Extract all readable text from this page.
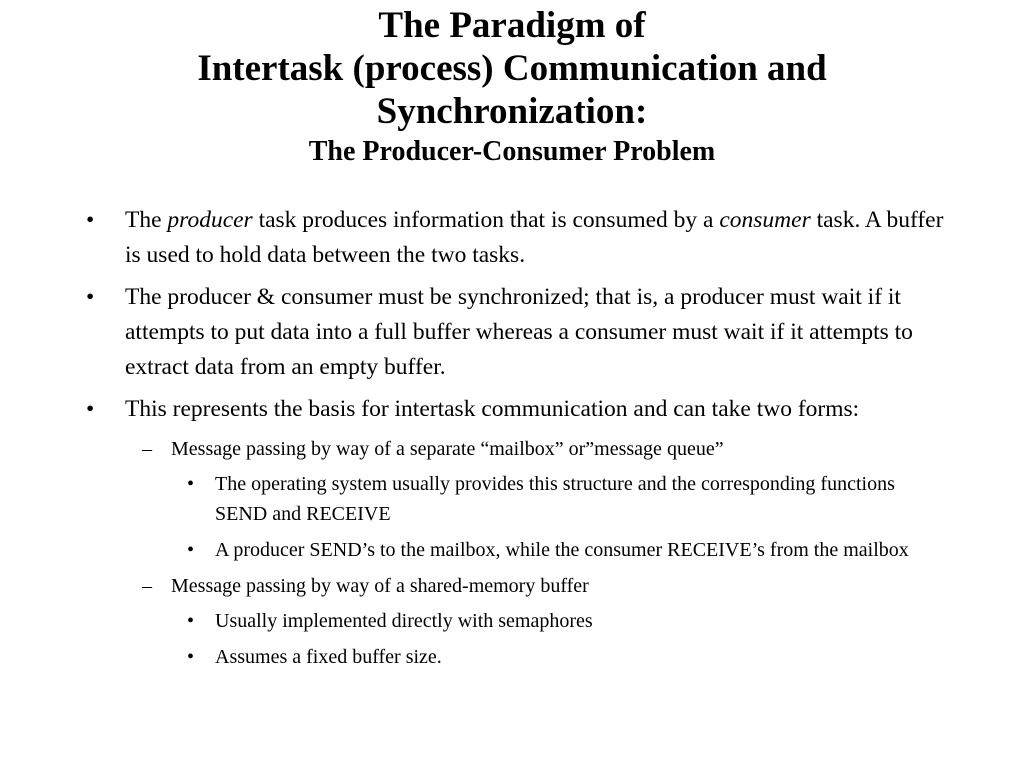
The Paradigm of
Intertask (process) Communication and
Synchronization:
The Producer-Consumer Problem
• The producer task produces information that is consumed by a consumer task. A buffer is used to hold data between the two tasks.
• The producer & consumer must be synchronized; that is, a producer must wait if it attempts to put data into a full buffer whereas a consumer must wait if it attempts to extract data from an empty buffer.
• This represents the basis for intertask communication and can take two forms:
– Message passing by way of a separate “mailbox” or”message queue”
• The operating system usually provides this structure and the corresponding functions SEND and RECEIVE
• A producer SEND’s to the mailbox, while the consumer RECEIVE’s from the mailbox
– Message passing by way of a shared-memory buffer
• Usually implemented directly with semaphores
• Assumes a fixed buffer size.
